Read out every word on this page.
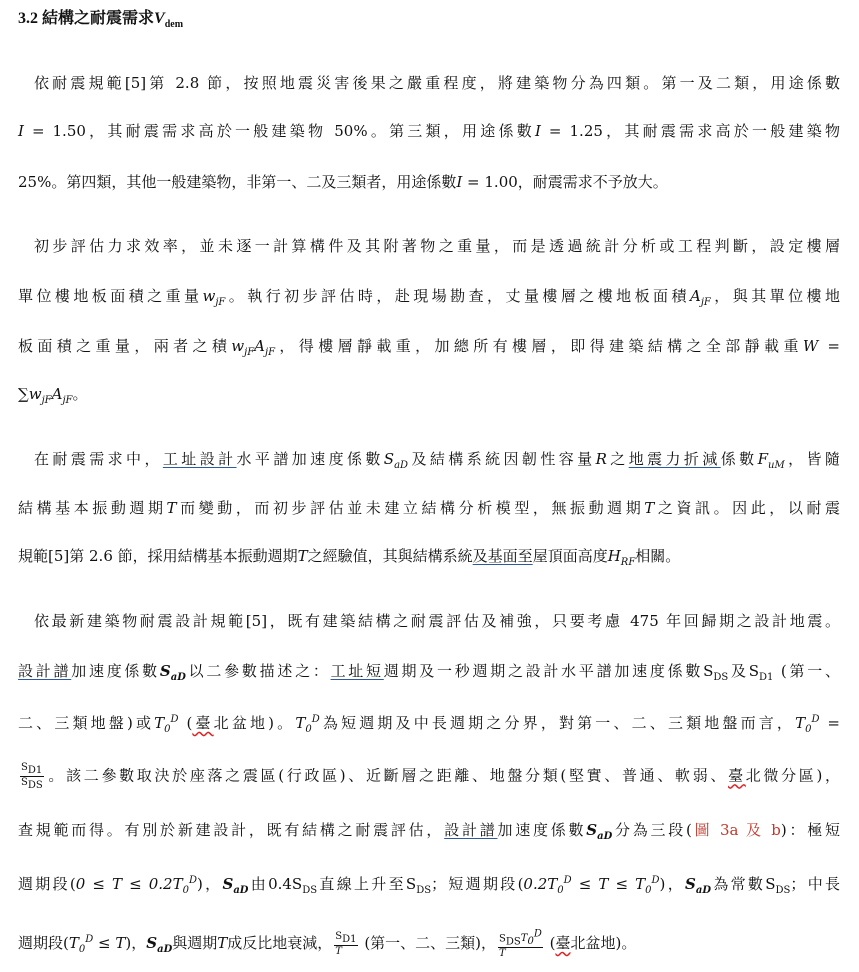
3.2 結構之耐震需求$V_{dem}$
依耐震規範[5]第 2.8 節，按照地震災害後果之嚴重程度，將建築物分為四類。第一及二類，用途係數
I = 1.50，其耐震需求高於一般建築物 50%。第三類，用途係數I = 1.25，其耐震需求高於一般建築物
25%。第四類，其他一般建築物，非第一、二及三類者，用途係數I = 1.00，耐震需求不予放大。
初步評估力求效率，並未逐一計算構件及其附著物之重量，而是透過統計分析或工程判斷，設定樓層
單位樓地板面積之重量$w_{jF}$。執行初步評估時，赴現場勘查，丈量樓層之樓地板面積$A_{jF}$，與其單位樓地
板面積之重量，兩者之積$w_{jF}A_{jF}$，得樓層靜載重，加總所有樓層，即得建築結構之全部靜載重W =
$\sum w_{jF}A_{jF}$。
在耐震需求中，工址設計水平譜加速度係數$S_{aD}$及結構系統因韌性容量R之地震力折減係數$F_{uM}$，皆隨
結構基本振動週期T而變動，而初步評估並未建立結構分析模型，無振動週期T之資訊。因此，以耐震
規範[5]第 2.6 節，採用結構基本振動週期T之經驗值，其與結構系統及基面至屋頂面高度$H_{RF}$相關。
依最新建築物耐震設計規範[5]，既有建築結構之耐震評估及補強，只要考慮 475 年回歸期之設計地震。
設計譜加速度係數$S_{aD}$以二參數描述之：工址短週期及一秒週期之設計水平譜加速度係數$S_{DS}$及$S_{D1}$ (第一、
二、三類地盤)或$T_0^D$ (臺北盆地)。$T_0^D$為短週期及中長週期之分界，對第一、二、三類地盤而言，$T_0^D$ =
$\frac{S_{D1}}{S_{DS}}$ 。該二參數取決於座落之震區(行政區)、近斷層之距離、地盤分類(堅實、普通、軟弱、臺北微分區)，
查規範而得。有別於新建設計，既有結構之耐震評估，設計譜加速度係數$S_{aD}$分為三段(圖 3a 及 b)：極短
週期段$(0 \le T \le 0.2T_0^D)$，$S_{aD}$由$0.4S_{DS}$直線上升至$S_{DS}$；短週期段$(0.2T_0^D \le T \le T_0^D)$，$S_{aD}$為常數$S_{DS}$；中長
週期段$(T_0^D \le T)$，$S_{aD}$與週期T成反比地衰減， $\frac{S_{D1}}{T}$ (第一、二、三類)， $\frac{S_{DS}T_0^D}{T}$ (臺北盆地)。
